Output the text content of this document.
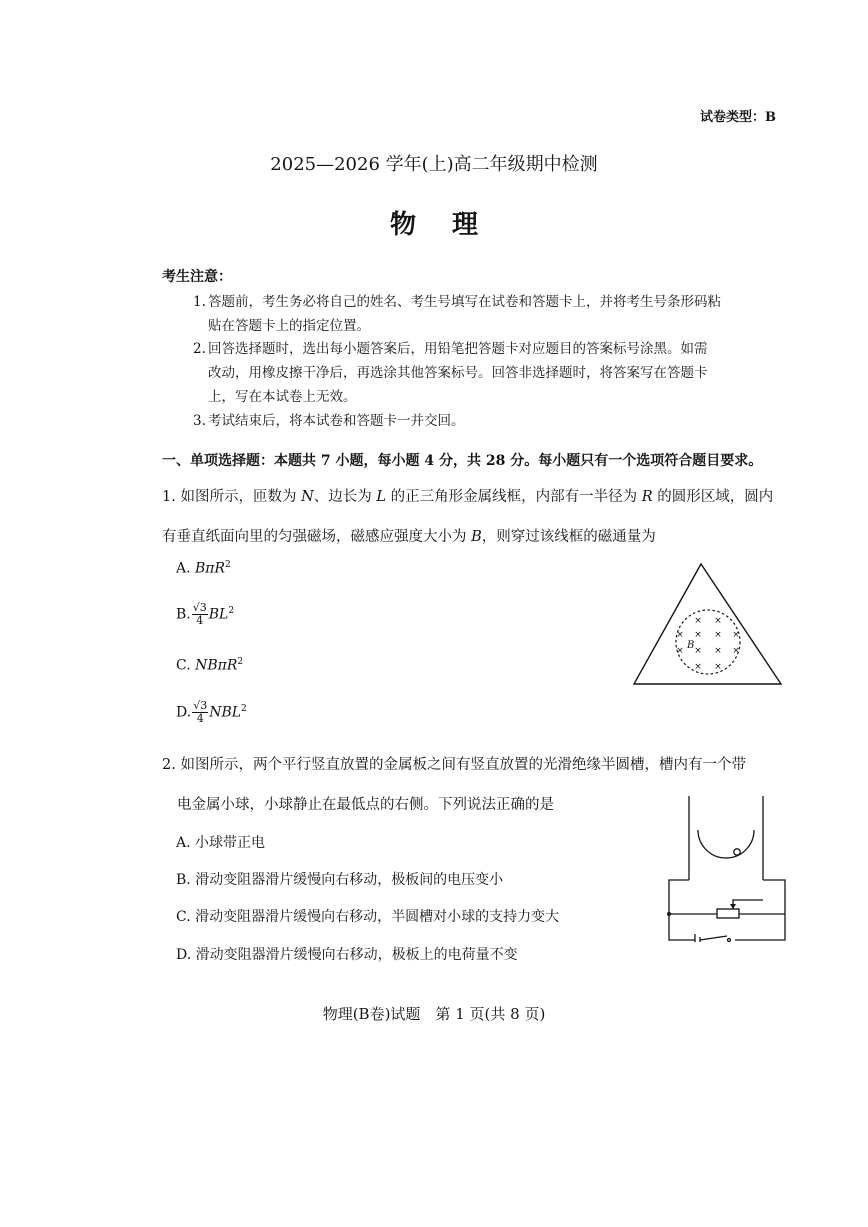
试卷类型：B
2025—2026 学年(上)高二年级期中检测
物理
考生注意：
1. 答题前，考生务必将自己的姓名、考生号填写在试卷和答题卡上，并将考生号条形码粘
贴在答题卡上的指定位置。
2. 回答选择题时，选出每小题答案后，用铅笔把答题卡对应题目的答案标号涂黑。如需
改动，用橡皮擦干净后，再选涂其他答案标号。回答非选择题时，将答案写在答题卡
上，写在本试卷上无效。
3. 考试结束后，将本试卷和答题卡一并交回。
一、单项选择题：本题共 7 小题，每小题 4 分，共 28 分。每小题只有一个选项符合题目要求。
1. 如图所示，匝数为 N、边长为 L 的正三角形金属线框，内部有一半径为 R 的圆形区域，圆内
有垂直纸面向里的匀强磁场，磁感应强度大小为 B，则穿过该线框的磁通量为
A. BπR$^2$
B. $\frac{√3}{4} BL^2$
C. NBπR$^2$
D. $\frac{√3}{4} NBL^2$
× ×
× × × ×
× × ×
×
× ×
B
2. 如图所示，两个平行竖直放置的金属板之间有竖直放置的光滑绝缘半圆槽，槽内有一个带
电金属小球，小球静止在最低点的右侧。下列说法正确的是
A. 小球带正电
B. 滑动变阻器滑片缓慢向右移动，极板间的电压变小
C. 滑动变阻器滑片缓慢向右移动，半圆槽对小球的支持力变大
D. 滑动变阻器滑片缓慢向右移动，极板上的电荷量不变
物理(B卷)试题　第 1 页(共 8 页)
